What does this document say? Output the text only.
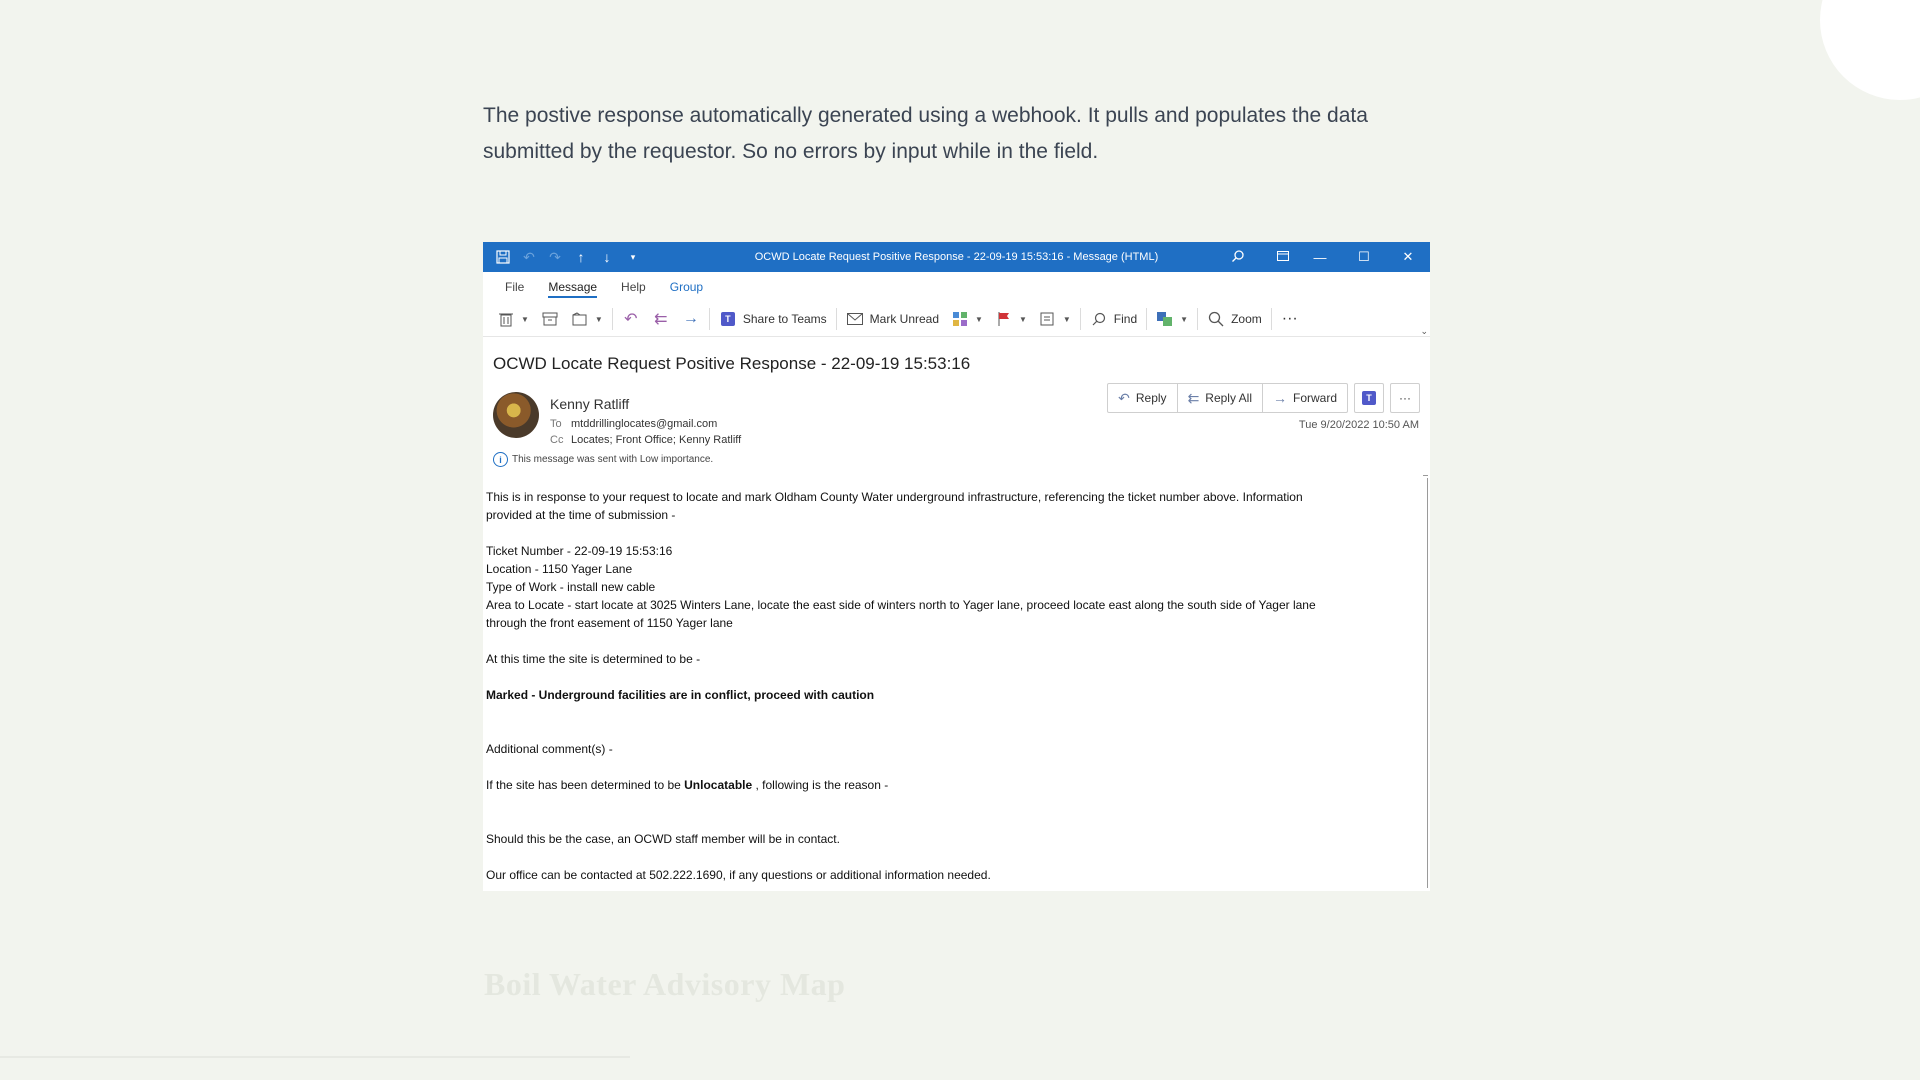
The postive response automatically generated using a webhook. It pulls and populates the data

submitted by the requestor. So no errors by input while in the field.

↶ ↷	↑	↓	▾	OCWD Locate Request Positive Response - 22-09-19 15:53:16 - Message (HTML)	—	☐	✕
File	Message	Help	Group
▼	▼ ↶ ⇇ →	T	Share to Teams	Mark Unread	▼	▼	▼	Find	▼	Zoom ···
⌄
OCWD Locate Request Positive Response - 22-09-19 15:53:16
Kenny Ratliff
To mtddrillinglocates@gmail.com
Cc Locates; Front Office; Kenny Ratliff
i	This message was sent with Low importance.
↶ Reply ⇇ Reply All → Forward	T	···
Tue 9/20/2022 10:50 AM

This is in response to your request to locate and mark Oldham County Water underground infrastructure, referencing the ticket number above. Information

provided at the time of submission -

Ticket Number - 22-09-19 15:53:16

Location - 1150 Yager Lane

Type of Work - install new cable

Area to Locate - start locate at 3025 Winters Lane, locate the east side of winters north to Yager lane, proceed locate east along the south side of Yager lane

through the front easement of 1150 Yager lane

At this time the site is determined to be -

Marked - Underground facilities are in conflict, proceed with caution

Additional comment(s) -

If the site has been determined to be Unlocatable , following is the reason -

Should this be the case, an OCWD staff member will be in contact.

Our office can be contacted at 502.222.1690, if any questions or additional information needed.

Boil Water Advisory Map
